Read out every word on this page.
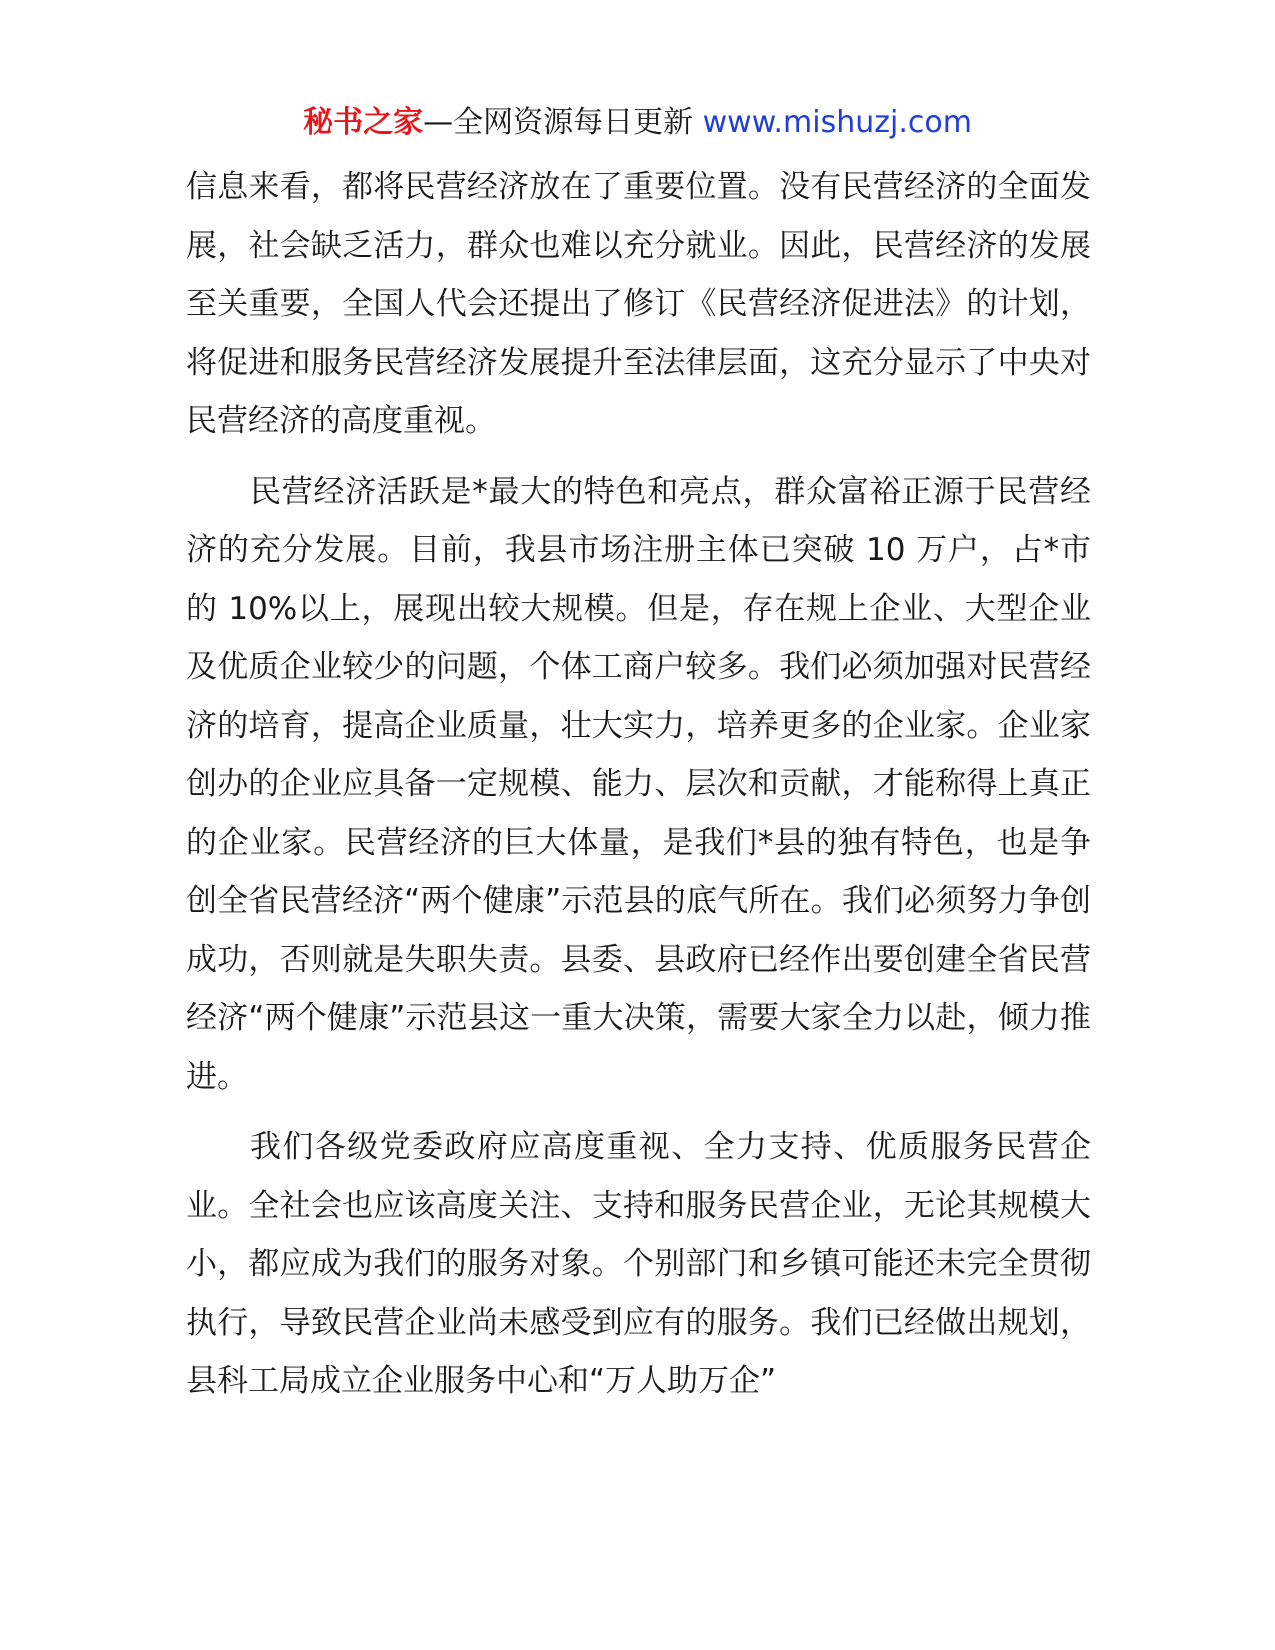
秘书之家—全网资源每日更新 www.mishuzj.com

信息来看，都将民营经济放在了重要位置。没有民营经济的全面发展，社会缺乏活力，群众也难以充分就业。因此，民营经济的发展至关重要，全国人代会还提出了修订《民营经济促进法》的计划，将促进和服务民营经济发展提升至法律层面，这充分显示了中央对民营经济的高度重视。

民营经济活跃是*最大的特色和亮点，群众富裕正源于民营经济的充分发展。目前，我县市场注册主体已突破 10 万户，占*市的 10%以上，展现出较大规模。但是，存在规上企业、大型企业及优质企业较少的问题，个体工商户较多。我们必须加强对民营经济的培育，提高企业质量，壮大实力，培养更多的企业家。企业家创办的企业应具备一定规模、能力、层次和贡献，才能称得上真正的企业家。民营经济的巨大体量，是我们*县的独有特色，也是争创全省民营经济“两个健康”示范县的底气所在。我们必须努力争创成功，否则就是失职失责。县委、县政府已经作出要创建全省民营经济“两个健康”示范县这一重大决策，需要大家全力以赴，倾力推进。

我们各级党委政府应高度重视、全力支持、优质服务民营企业。全社会也应该高度关注、支持和服务民营企业，无论其规模大小，都应成为我们的服务对象。个别部门和乡镇可能还未完全贯彻执行，导致民营企业尚未感受到应有的服务。我们已经做出规划，县科工局成立企业服务中心和“万人助万企”
